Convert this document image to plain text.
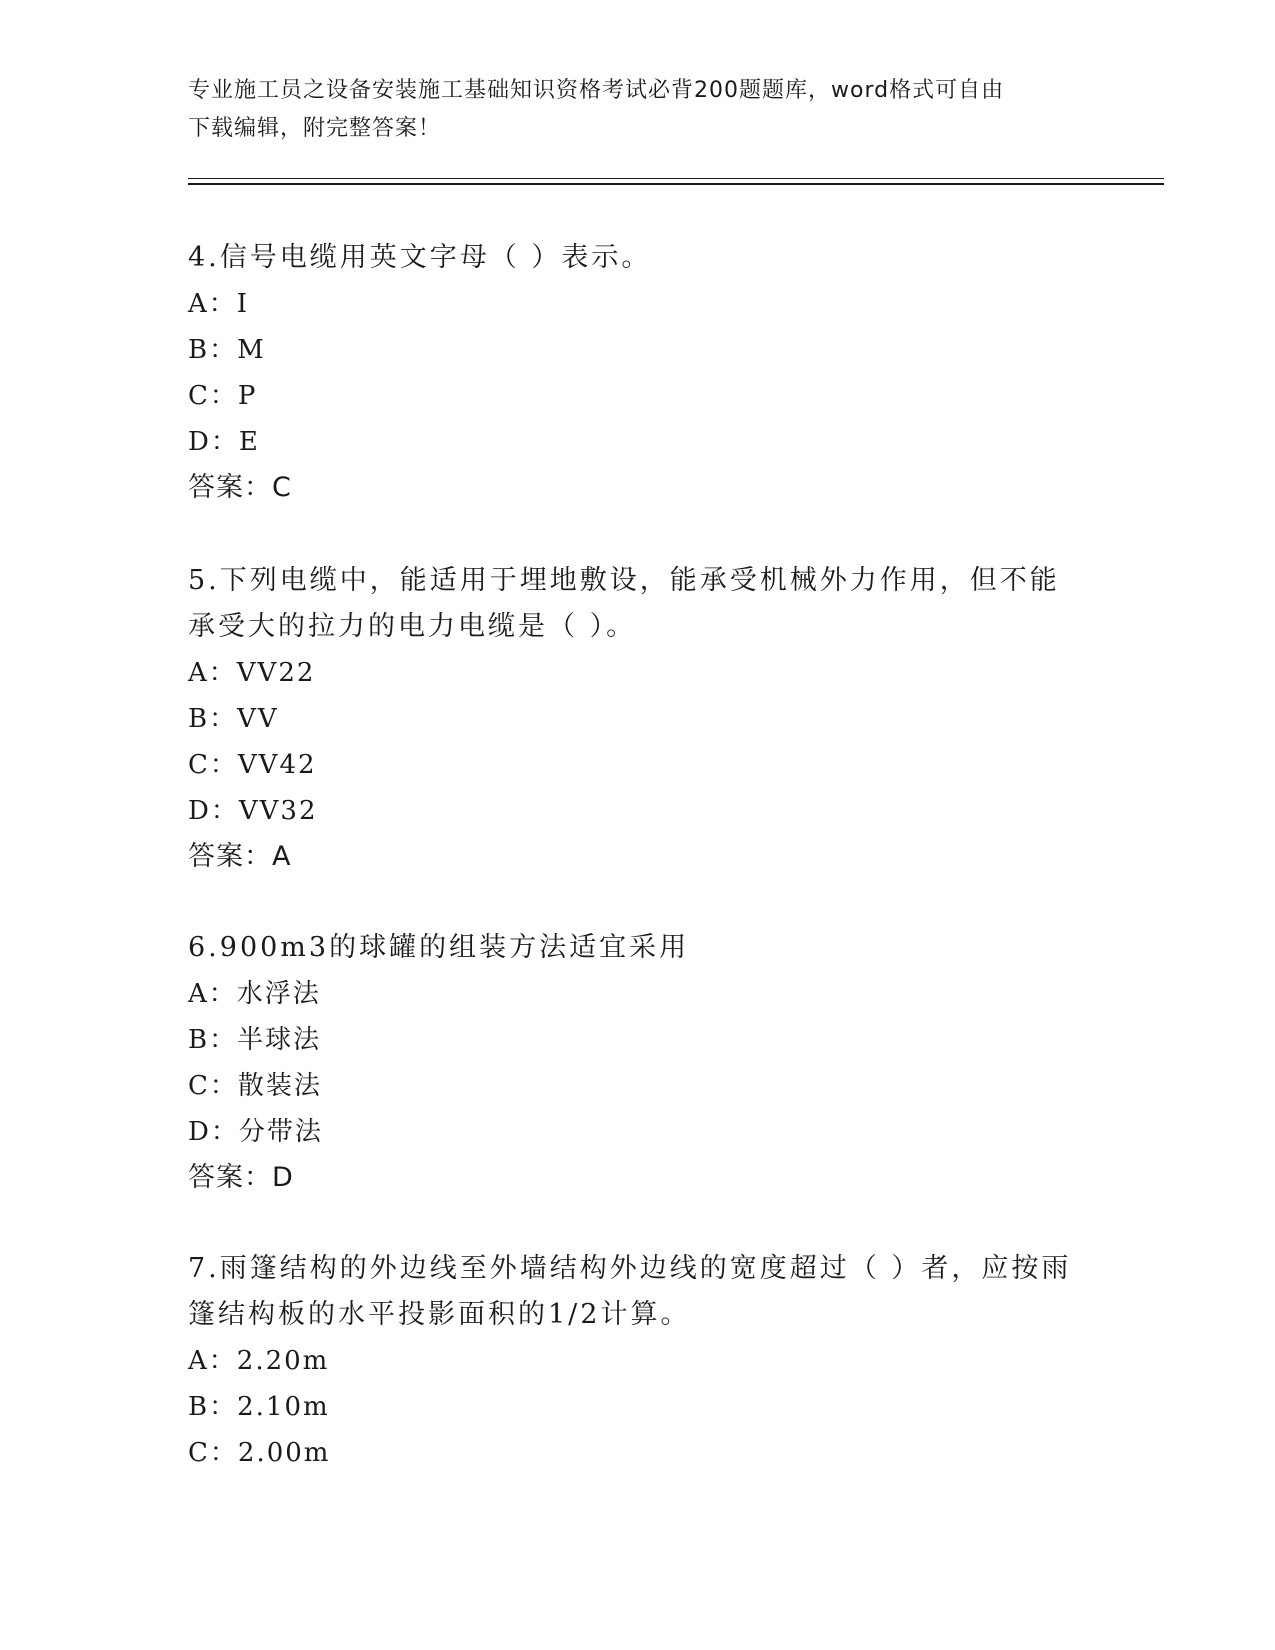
专业施工员之设备安装施工基础知识资格考试必背200题题库，word格式可自由
下载编辑，附完整答案！
4.信号电缆用英文字母（ ）表示。
A： I
B： M
C： P
D： E
答案：C
5.下列电缆中，能适用于埋地敷设，能承受机械外力作用，但不能承受大的拉力的电力电缆是（ ）。
A： VV22
B： VV
C： VV42
D： VV32
答案：A
6.900m3的球罐的组装方法适宜采用
A： 水浮法
B： 半球法
C： 散装法
D： 分带法
答案：D
7.雨篷结构的外边线至外墙结构外边线的宽度超过（ ）者，应按雨篷结构板的水平投影面积的1/2计算。
A： 2.20m
B： 2.10m
C： 2.00m
